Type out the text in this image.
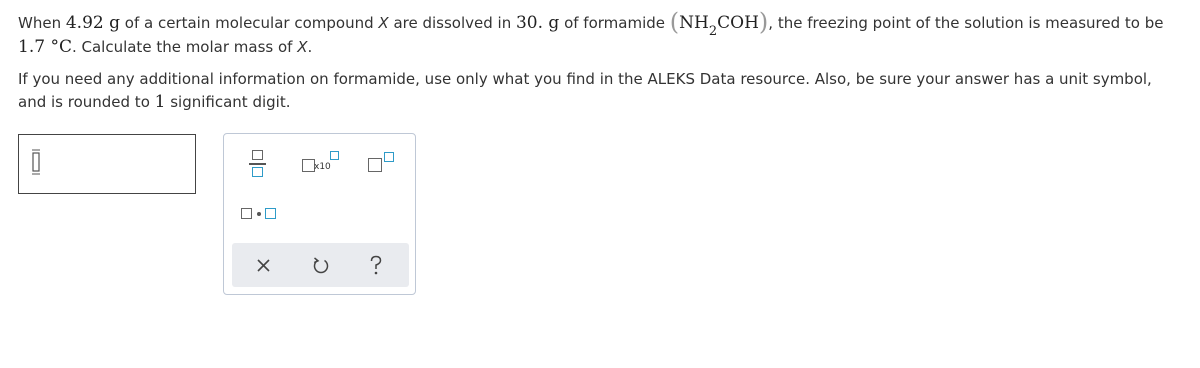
When 4.92 g of a certain molecular compound X are dissolved in 30. g of formamide $(NH_2COH)$, the freezing point of the solution is measured to be
1.7 °C. Calculate the molar mass of X.
If you need any additional information on formamide, use only what you find in the ALEKS Data resource. Also, be sure your answer has a unit symbol,
and is rounded to 1 significant digit.
x10
